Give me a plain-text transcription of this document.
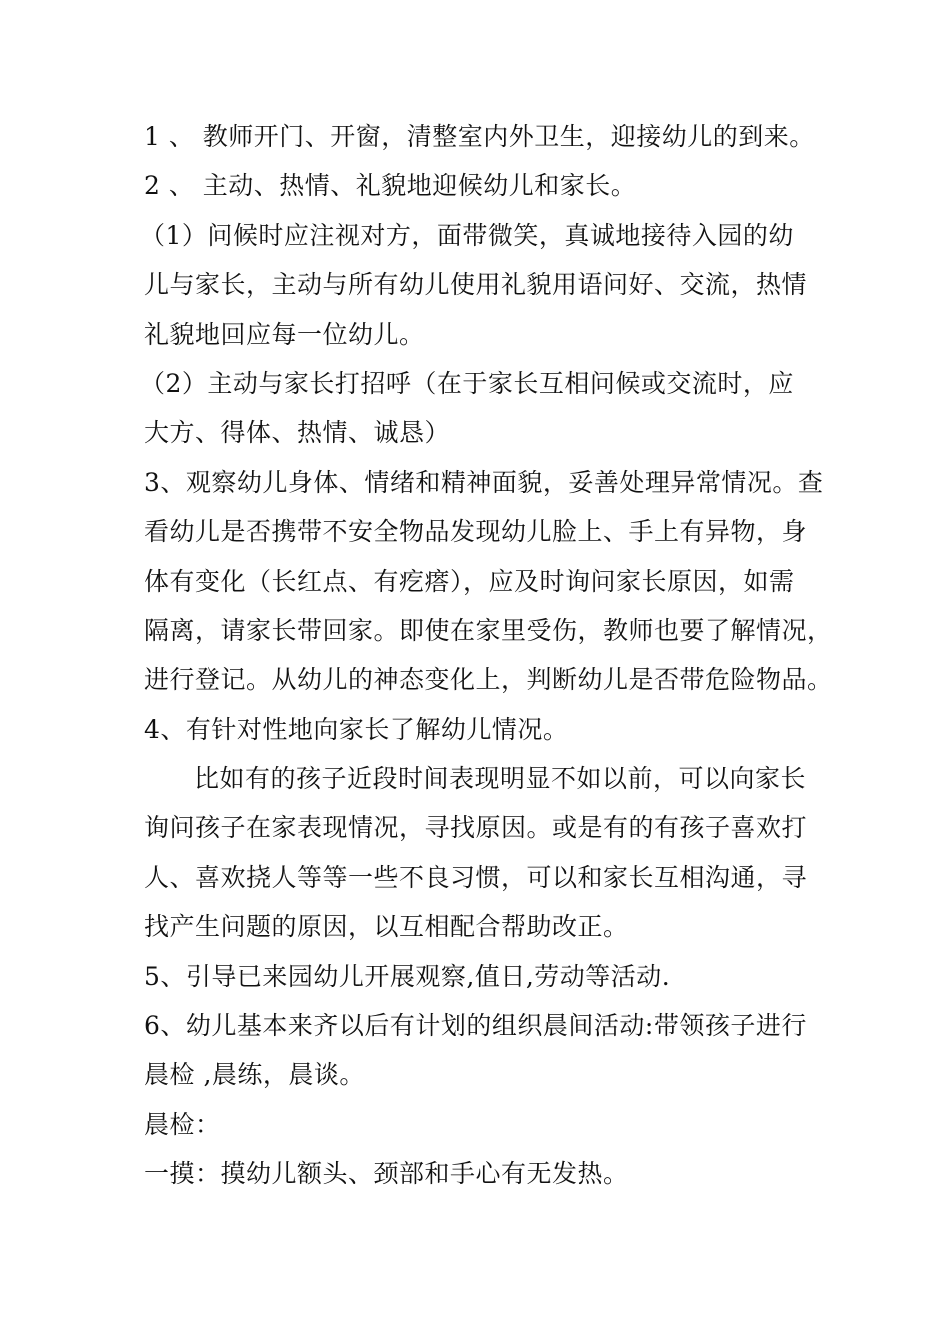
1 、 教师开门、开窗，清整室内外卫生，迎接幼儿的到来。
2 、 主动、热情、礼貌地迎候幼儿和家长。
（1）问候时应注视对方，面带微笑，真诚地接待入园的幼
儿与家长，主动与所有幼儿使用礼貌用语问好、交流，热情
礼貌地回应每一位幼儿。
（2）主动与家长打招呼（在于家长互相问候或交流时，应
大方、得体、热情、诚恳）
3、观察幼儿身体、情绪和精神面貌，妥善处理异常情况。查
看幼儿是否携带不安全物品发现幼儿脸上、手上有异物，身
体有变化（长红点、有疙瘩），应及时询问家长原因，如需
隔离，请家长带回家。即使在家里受伤，教师也要了解情况，
进行登记。从幼儿的神态变化上，判断幼儿是否带危险物品。
4、有针对性地向家长了解幼儿情况。
比如有的孩子近段时间表现明显不如以前，可以向家长
询问孩子在家表现情况，寻找原因。或是有的有孩子喜欢打
人、喜欢挠人等等一些不良习惯，可以和家长互相沟通，寻
找产生问题的原因，以互相配合帮助改正。
5、引导已来园幼儿开展观察,值日,劳动等活动.
6、幼儿基本来齐以后有计划的组织晨间活动:带领孩子进行
晨检 ,晨练，晨谈。
晨检：
一摸：摸幼儿额头、颈部和手心有无发热。
